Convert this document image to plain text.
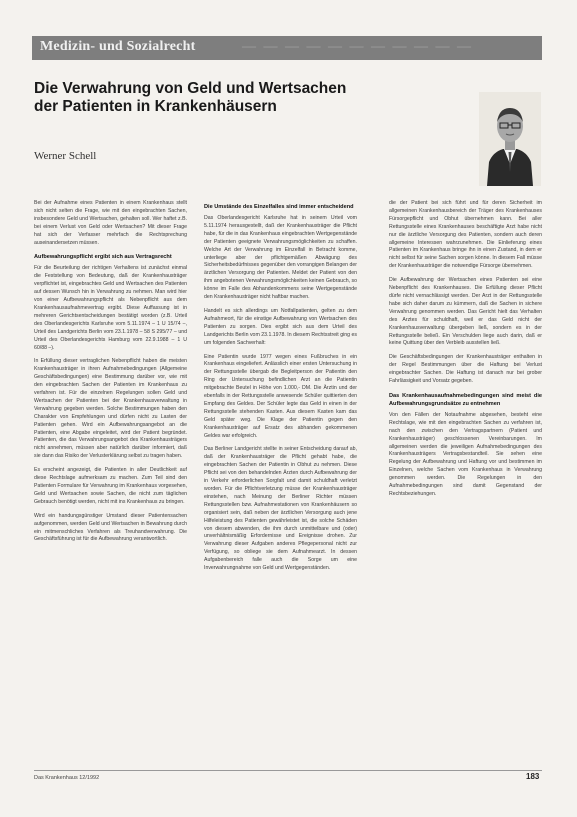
Medizin- und Sozialrecht	— — — — — — — — — — —
Die Verwahrung von Geld und Wertsachen der Patienten in Krankenhäusern
Werner Schell

Bei der Aufnahme eines Patienten in einem Krankenhaus stellt sich nicht selten die Frage, wie mit den eingebrachten Sachen, insbesondere Geld und Wertsachen, gehalten soll. Wer haftet z.B. bei einem Verlust von Geld oder Wertsachen? Mit dieser Frage hat sich der Verfasser mehrfach die Rechtsprechung auseinandersetzen müssen.

Aufbewahrungspflicht ergibt sich aus Vertragsrecht

Für die Beurteilung der richtigen Verhaltens ist zunächst einmal die Feststellung von Bedeutung, daß der Krankenhausträger verpflichtet ist, eingebrachtes Geld und Wertsachen des Patienten auf dessen Wunsch hin in Verwahrung zu nehmen. Man wird hier von einer Aufbewahrungspflicht als Nebenpflicht aus dem Krankenhausaufnahmevertrag ergibt. Diese Auffassung ist in mehreren Gerichtsentscheidungen bestätigt worden (z.B. Urteil des Oberlandesgerichts Karlsruhe vom 5.11.1974 – 1 U 15/74 –, Urteil des Landgerichts Berlin vom 23.1.1978 – 58 S 295/77 – und Urteil des Oberlandesgerichts Hamburg vom 22.9.1988 – 1 U 60/88 –).

In Erfüllung dieser vertraglichen Nebenpflicht haben die meisten Krankenhausträger in ihren Aufnahmebedingungen (Allgemeine Geschäftsbedingungen) eine Bestimmung darüber vor, wie mit den eingebrachten Sachen der Patienten im Krankenhaus zu verfahren ist. Für die einzelnen Regelungen sollen Geld und Wertsachen der Patienten bei der Krankenhausverwaltung in Verwahrung gegeben werden. Solche Bestimmungen haben den Charakter von Empfehlungen und dürfen nicht zu Lasten der Patienten gehen. Wird ein Aufbewahrungsangebot an die Patienten, eine Abgabe eingeleitet, wird der Patient begründet. Patienten, die das Verwahrungsangebot des Krankenhausträgers nicht annehmen, müssen aber natürlich darüber informiert, daß sie dann das Risiko der Verlusterklärung selbst zu tragen haben.

Es erscheint angezeigt, die Patienten in aller Deutlichkeit auf diese Rechtslage aufmerksam zu machen. Zum Teil sind den Patienten Formulare für Verwahrung im Krankenhaus vorgesehen, Geld und Wertsachen sowie Sachen, die nicht zum täglichen Gebrauch benötigt werden, nicht mit ins Krankenhaus zu bringen.

Wird ein handungsgünstiger Umstand dieser Patientensachen aufgenommen, werden Geld und Wertsachen in Bewahrung durch ein mitmenschliches Verfahren als Treuhandverwahrung. Die Geschäftsführung ist für die Aufbewahrung verantwortlich.

Die Umstände des Einzelfalles sind immer entscheidend

Das Oberlandesgericht Karlsruhe hat in seinem Urteil vom 5.11.1974 herausgestellt, daß der Krankenhausträger die Pflicht habe, für die in das Krankenhaus eingebrachten Wertgegenstände der Patienten geeignete Verwahrungsmöglichkeiten zu schaffen. Welche Art der Verwahrung im Einzelfall in Betracht komme, unterliege aber der pflichtgemäßen Abwägung des Sicherheitsbedürfnisses gegenüber den vorrangigen Belangen der ärztlichen Versorgung der Patienten. Meldet der Patient von den ihm angebotenen Verwahrungsmöglichkeiten keinen Gebrauch, so könne im Falle des Abhandenkommens seine Wertgegenstände den Krankenhausträger nicht haftbar machen.

Handelt es sich allerdings um Notfallpatienten, gelten zu dem Aufnahmeort, für die einstige Aufbewahrung von Wertsachen des Patienten zu sorgen. Dies ergibt sich aus dem Urteil des Landgerichts Berlin vom 23.1.1978. In diesem Rechtsstreit ging es um folgenden Sachverhalt:

Eine Patientin wurde 1977 wegen eines Fußbruches in ein Krankenhaus eingeliefert. Anlässlich einer ersten Untersuchung in der Rettungsstelle übergab die Begleitperson der Patientin den Ring der Untersuchung befindlichen Arzt an die Patientin mitgebrachte Beutel in Höhe von 1.000,- DM. Die Ärztin und der ebenfalls in der Rettungsstelle anwesende Schüler quittierten den Empfang des Geldes. Der Schüler legte das Geld in einen in der Rettungsstelle stehenden Kasten. Aus diesem Kasten kam das Geld später weg. Die Klage der Patientin gegen den Krankenhausträger auf Ersatz des abhanden gekommenen Geldes war erfolgreich.

Das Berliner Landgericht stellte in seiner Entscheidung darauf ab, daß der Krankenhausträger die Pflicht gehabt habe, die eingebrachten Sachen der Patientin in Obhut zu nehmen. Diese Pflicht sei von den behandelnden Ärzten durch Aufbewahrung der in Verkehr erforderlichen Sorgfalt und damit schuldhaft verletzt worden. Für die Pflichtverletzung müsse der Krankenhausträger einstehen, nach Meinung der Berliner Richter müssen Rettungsstellen bzw. Aufnahmestationen von Krankenhäusern so organisiert sein, daß neben der ärztlichen Versorgung auch jene Hilfeleistung des Patienten gewährleistet ist, die solche Schäden von diesem abwenden, die ihm durch unmittelbare und (oder) unverhältnismäßig Erfordernisse und Ereignisse drohen. Zur Verwahrung dieser Aufgaben anderes Pflegepersonal nicht zur Verfügung, so obliege sie dem Aufnahmearzt. In dessen Aufgabenbereich falle auch die Sorge um eine Inverwahrungnahme von Geld und Wertgegenständen.

die der Patient bei sich führt und für deren Sicherheit im allgemeinen Krankenhausbereich der Träger des Krankenhauses Fürsorgepflicht und Obhut übernehmen kann. Bei aller Rettungsstelle eines Krankenhauses beschäftigte Arzt habe nicht nur die ärztliche Versorgung des Patienten, sondern auch deren allgemeine Interessen wahrzunehmen. Die Einlieferung eines Patienten im Krankenhaus bringe ihn in einen Zustand, in dem er nicht selbst für seine Sachen sorgen könne. In diesem Fall müsse der Krankenhausträger die notwendige Fürsorge übernehmen.

Die Aufbewahrung der Wertsachen eines Patienten sei eine Nebenpflicht des Krankenhauses. Die Erfüllung dieser Pflicht dürfe nicht vernachlässigt werden. Der Arzt in der Rettungsstelle habe sich daher darum zu kümmern, daß die Sachen in sichere Verwahrung genommen werden. Das Gericht hielt das Verhalten des Arztes für schuldhaft, weil er das Geld nicht der Krankenhausverwaltung übergeben ließ, sondern es in der Rettungsstelle beließ. Ein Verschulden liege auch darin, daß er keine Quittung über den Verbleib ausstellen ließ.

Die Geschäftsbedingungen der Krankenhausträger enthalten in der Regel Bestimmungen über die Haftung bei Verlust eingebrachter Sachen. Die Haftung ist danach nur bei grober Fahrlässigkeit und Vorsatz gegeben.

Das Krankenhausaufnahmebedingungen sind meist die Aufbewahrungsgrundsätze zu entnehmen

Von den Fällen der Notaufnahme abgesehen, besteht eine Rechtslage, wie mit den eingebrachten Sachen zu verfahren ist, nach den zwischen den Vertragspartnern (Patient und Krankenhausträger) geschlossenen Vereinbarungen. Im allgemeinen werden die jeweiligen Aufnahmebedingungen des Krankenhausträgers Vertragsbestandteil. Sie sehen eine Regelung der Aufbewahrung und Haftung vor und bestimmen im Einzelnen, welche Sachen vom Krankenhaus in Verwahrung genommen werden. Die Regelungen in den Aufnahmebedingungen sind damit Gegenstand der Rechtsbeziehungen.

Das Krankenhaus 12/1992	183
